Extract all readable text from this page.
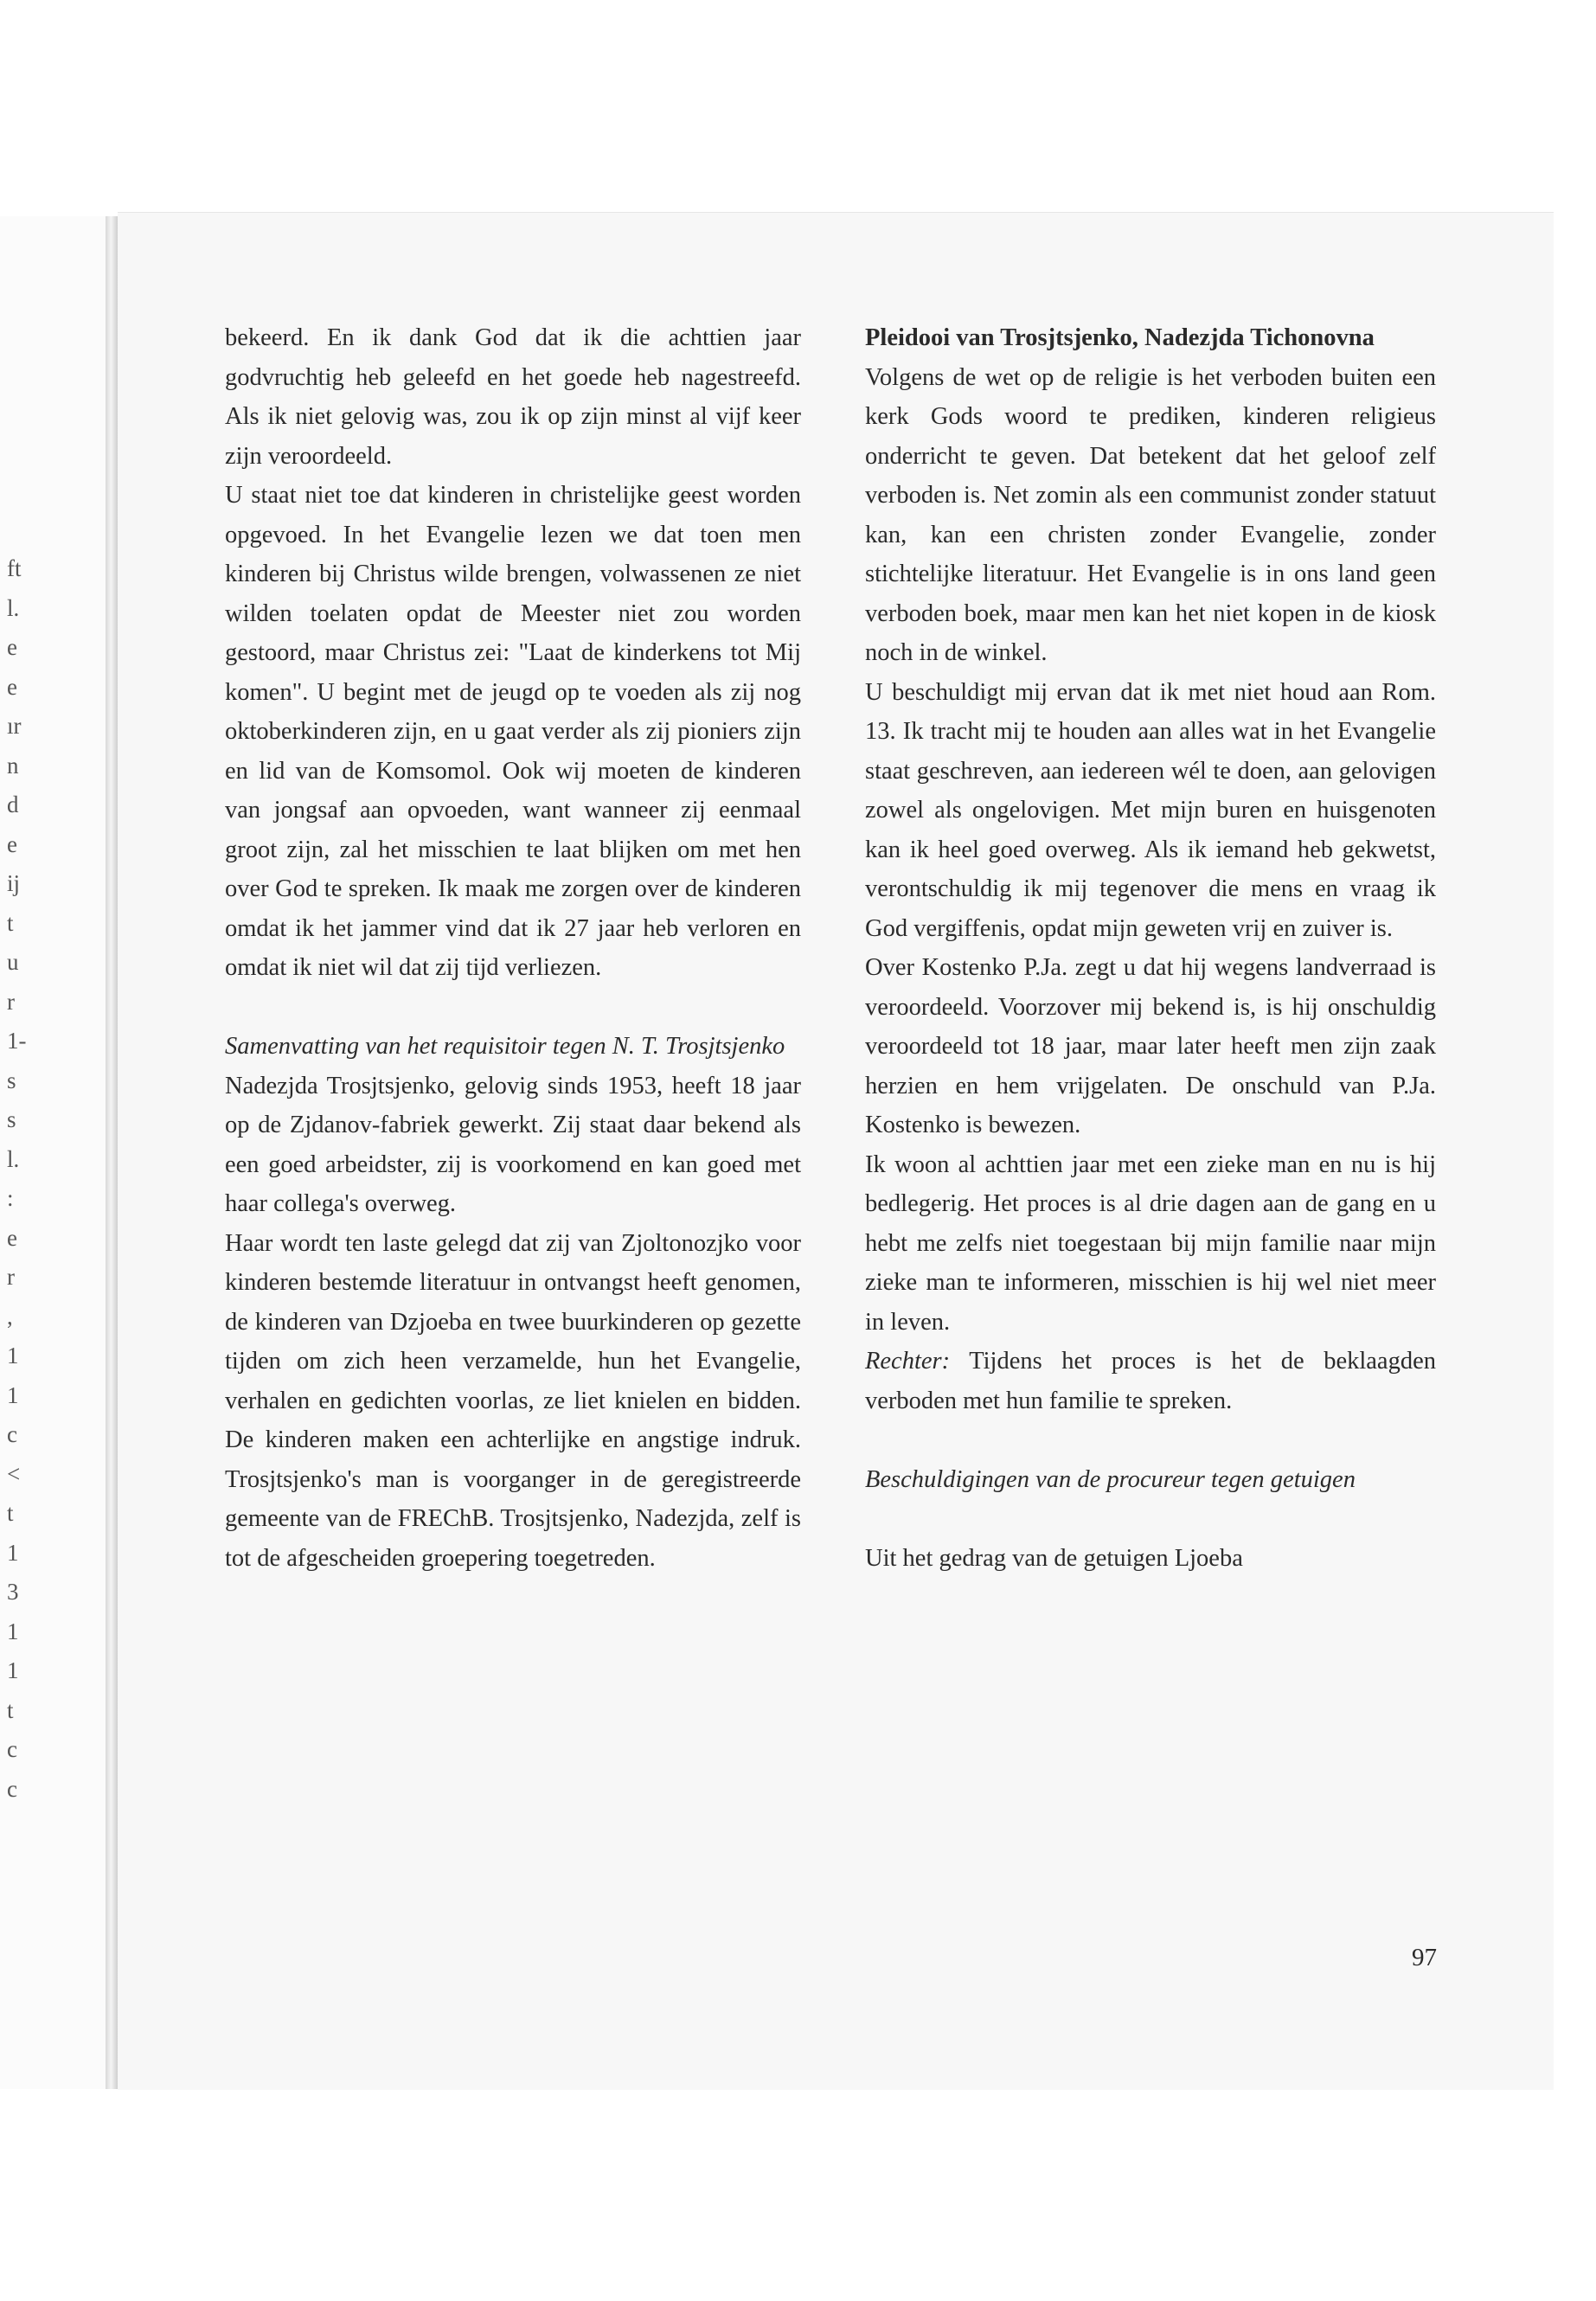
ft
l.
e
e
ır
n
d
e
ij
t
u
r
1-
s
s
l.
:
e
r
,
1
1
c
<
t
1
3
1
1
t
c
c

bekeerd. En ik dank God dat ik die achttien jaar godvruchtig heb geleefd en het goede heb nagestreefd. Als ik niet gelovig was, zou ik op zijn minst al vijf keer zijn veroordeeld.

U staat niet toe dat kinderen in christelijke geest worden opgevoed. In het Evangelie lezen we dat toen men kinderen bij Christus wilde brengen, volwassenen ze niet wilden toelaten opdat de Meester niet zou worden gestoord, maar Christus zei: "Laat de kinderkens tot Mij komen". U begint met de jeugd op te voeden als zij nog oktoberkinderen zijn, en u gaat verder als zij pioniers zijn en lid van de Komsomol. Ook wij moeten de kinderen van jongsaf aan opvoeden, want wanneer zij eenmaal groot zijn, zal het misschien te laat blijken om met hen over God te spreken. Ik maak me zorgen over de kinderen omdat ik het jammer vind dat ik 27 jaar heb verloren en omdat ik niet wil dat zij tijd verliezen.

Samenvatting van het requisitoir tegen N. T. Trosjtsjenko

Nadezjda Trosjtsjenko, gelovig sinds 1953, heeft 18 jaar op de Zjdanov-fabriek gewerkt. Zij staat daar bekend als een goed arbeidster, zij is voorkomend en kan goed met haar collega's overweg.

Haar wordt ten laste gelegd dat zij van Zjoltonozjko voor kinderen bestemde literatuur in ontvangst heeft genomen, de kinderen van Dzjoeba en twee buurkinderen op gezette tijden om zich heen verzamelde, hun het Evangelie, verhalen en gedichten voorlas, ze liet knielen en bidden. De kinderen maken een achterlijke en angstige indruk. Trosjtsjenko's man is voorganger in de geregistreerde gemeente van de FREChB. Trosjtsjenko, Nadezjda, zelf is tot de afgescheiden groepering toegetreden.

Pleidooi van Trosjtsjenko, Nadezjda Tichonovna

Volgens de wet op de religie is het verboden buiten een kerk Gods woord te prediken, kinderen religieus onderricht te geven. Dat betekent dat het geloof zelf verboden is. Net zomin als een communist zonder statuut kan, kan een christen zonder Evangelie, zonder stichtelijke literatuur. Het Evangelie is in ons land geen verboden boek, maar men kan het niet kopen in de kiosk noch in de winkel.

U beschuldigt mij ervan dat ik met niet houd aan Rom. 13. Ik tracht mij te houden aan alles wat in het Evangelie staat geschreven, aan iedereen wél te doen, aan gelovigen zowel als ongelovigen. Met mijn buren en huisgenoten kan ik heel goed overweg. Als ik iemand heb gekwetst, verontschuldig ik mij tegenover die mens en vraag ik God vergiffenis, opdat mijn geweten vrij en zuiver is.

Over Kostenko P.Ja. zegt u dat hij wegens landverraad is veroordeeld. Voorzover mij bekend is, is hij onschuldig veroordeeld tot 18 jaar, maar later heeft men zijn zaak herzien en hem vrijgelaten. De onschuld van P.Ja. Kostenko is bewezen.

Ik woon al achttien jaar met een zieke man en nu is hij bedlegerig. Het proces is al drie dagen aan de gang en u hebt me zelfs niet toegestaan bij mijn familie naar mijn zieke man te informeren, misschien is hij wel niet meer in leven.

Rechter: Tijdens het proces is het de beklaagden verboden met hun familie te spreken.

Beschuldigingen van de procureur tegen getuigen

Uit het gedrag van de getuigen Ljoeba

97
